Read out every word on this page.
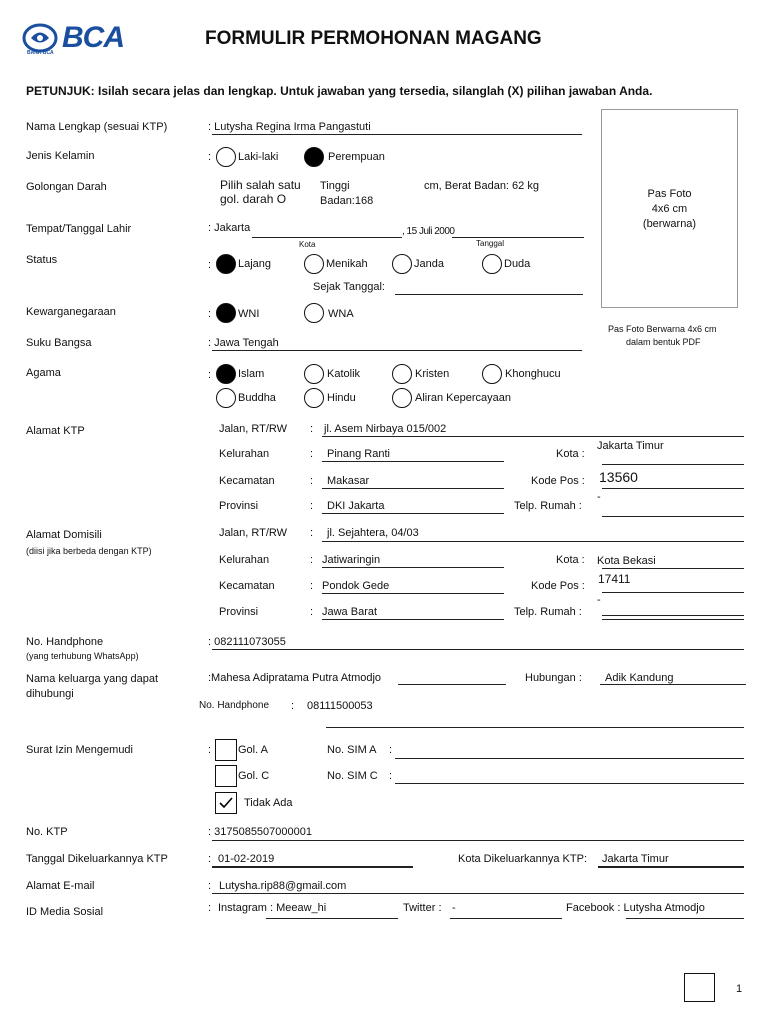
BANK BCA BCA	FORMULIR PERMOHONAN MAGANG
PETUNJUK: Isilah secara jelas dan lengkap. Untuk jawaban yang tersedia, silanglah (X) pilihan jawaban Anda.
Pas Foto
4x6 cm
(berwarna)
Pas Foto Berwarna 4x6 cm
dalam bentuk PDF
Nama Lengkap (sesuai KTP)	: Lutysha Regina Irma Pangastuti
Jenis Kelamin	: Laki-laki	Perempuan
Golongan Darah	Pilih salah satu
gol. darah O
Tinggi
Badan:168
cm, Berat Badan: 62 kg
Tempat/Tanggal Lahir	: Jakarta	, 15 Juli 2000
Kota	Tanggal
Status	: Lajang	Menikah	Janda	Duda
Sejak Tanggal:
Kewarganegaraan	: WNI	WNA
Suku Bangsa	: Jawa Tengah
Agama	: Islam	Katolik	Kristen	Khonghucu
Buddha	Hindu	Aliran Kepercayaan
Alamat KTP	Jalan, RT/RW : jl. Asem Nirbaya 015/002
Kelurahan	: Pinang Ranti	Kota :
Jakarta Timur
Kecamatan	: Makasar	Kode Pos : 13560
Provinsi	: DKI Jakarta	Telp. Rumah :
-
Alamat Domisili
(diisi jika berbeda dengan KTP)
Jalan, RT/RW : jl. Sejahtera, 04/03
Kelurahan	: Jatiwaringin	Kota : Kota Bekasi
Kecamatan	: Pondok Gede	Kode Pos : 17411
Provinsi	: Jawa Barat	Telp. Rumah :
-
No. Handphone
(yang terhubung WhatsApp)
: 082111073055
Nama keluarga yang dapat
dihubungi
:Mahesa Adipratama Putra Atmodjo	Hubungan : Adik Kandung
No. Handphone : 08111500053
Surat Izin Mengemudi	: Gol. A	No. SIM A :
Gol. C	No. SIM C :
Tidak Ada
No. KTP	: 3175085507000001
Tanggal Dikeluarkannya KTP	: 01-02-2019	Kota Dikeluarkannya KTP: Jakarta Timur
Alamat E-mail	: Lutysha.rip88@gmail.com
ID Media Sosial	: Instagram : Meeaw_hi	Twitter : -	Facebook : Lutysha Atmodjo
1
